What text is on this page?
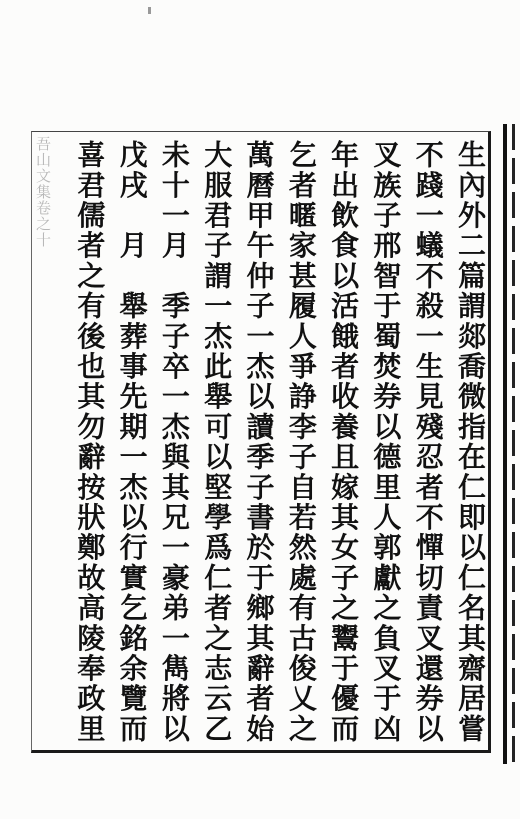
吾山文集卷之十	生內外二篇謂郯喬微指在仁即以仁名其齋居嘗
不踐一蟻不殺一生見殘忍者不憚切責叉還券以
叉族子邢智于蜀焚券以德里人郭獻之負叉于凶
年出飲食以活餓者收養且嫁其女子之鬻于優而
乞者暱家甚履人爭諍李子自若然處有古俊乂之
萬曆甲午仲子一杰以讀季子書於于鄉其辭者始
大服君子謂一杰此舉可以堅學爲仁者之志云乙
未十一月　季子卒一杰與其兄一豪弟一雋將以
戊戌　月　舉葬事先期一杰以行實乞銘余覽而
喜君儒者之有後也其勿辭按狀鄭故高陵奉政里
